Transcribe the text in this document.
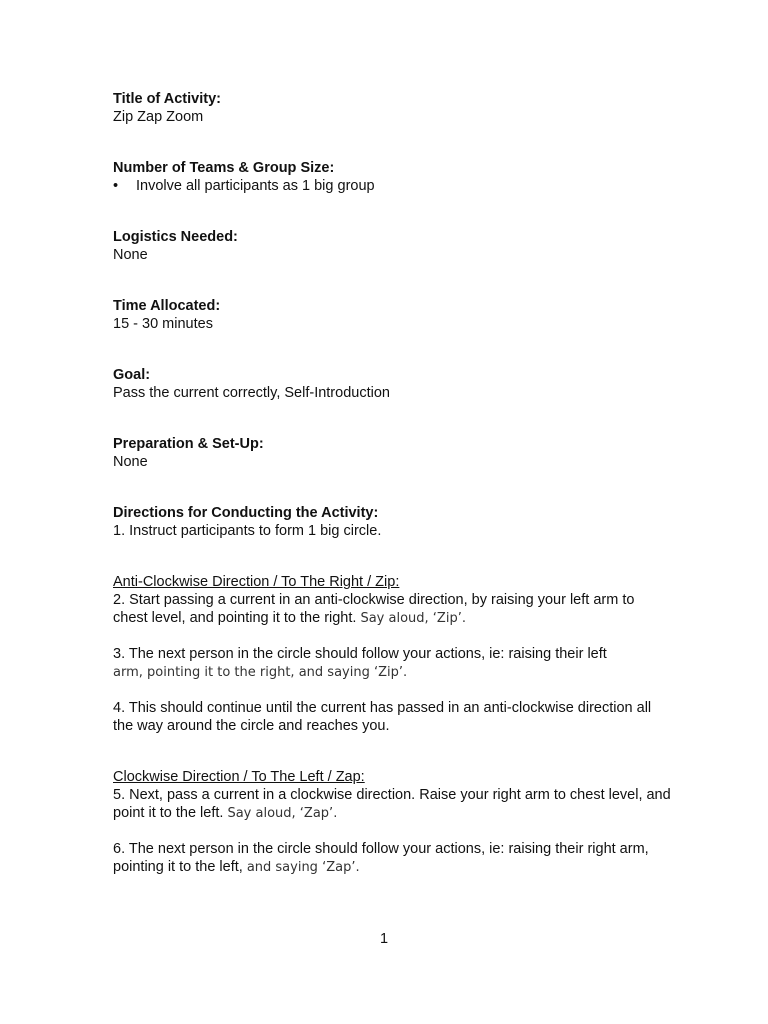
Title of Activity:

Zip Zap Zoom

Number of Teams & Group Size:

• Involve all participants as 1 big group

Logistics Needed:

None

Time Allocated:

15 - 30 minutes

Goal:

Pass the current correctly, Self-Introduction

Preparation & Set-Up:

None

Directions for Conducting the Activity:

1. Instruct participants to form 1 big circle.

Anti-Clockwise Direction / To The Right / Zip:

2. Start passing a current in an anti-clockwise direction, by raising your left arm to chest level, and pointing it to the right. Say aloud, ‘Zip’.

3. The next person in the circle should follow your actions, ie: raising their left
arm, pointing it to the right, and saying ‘Zip’.

4. This should continue until the current has passed in an anti-clockwise direction all the way around the circle and reaches you.

Clockwise Direction / To The Left / Zap:

5. Next, pass a current in a clockwise direction. Raise your right arm to chest level, and point it to the left. Say aloud, ‘Zap’.

6. The next person in the circle should follow your actions, ie: raising their right arm, pointing it to the left, and saying ‘Zap’.

1
